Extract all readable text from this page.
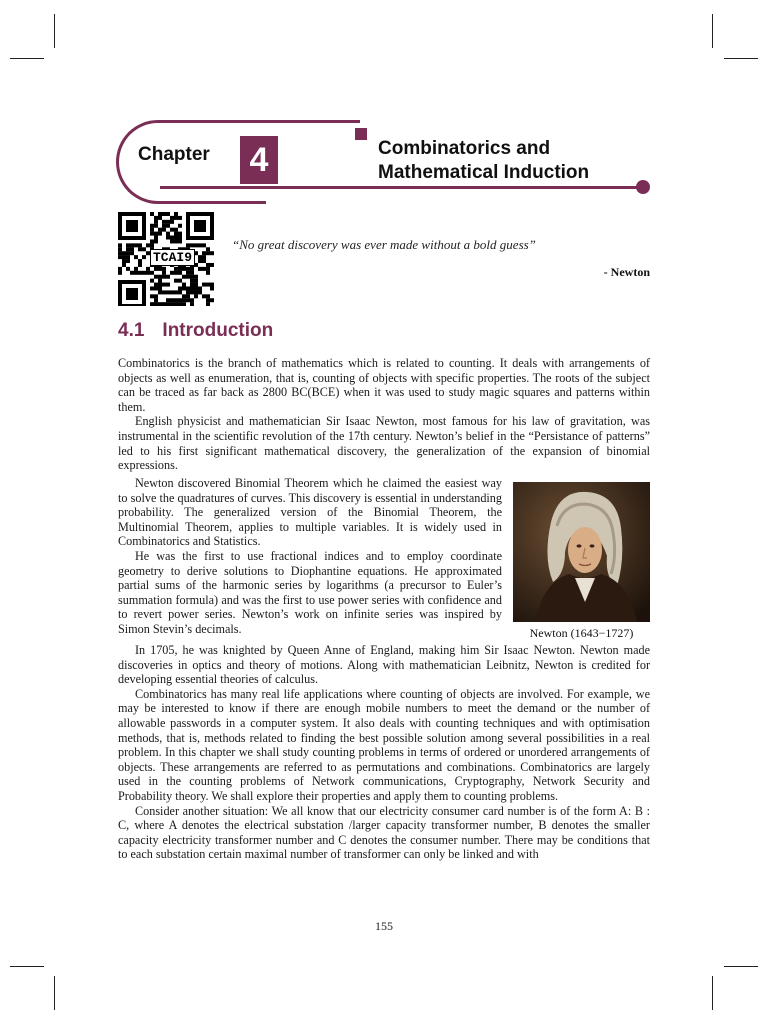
Chapter 4	Combinatorics and
Mathematical Induction
TCAI9
“No great discovery was ever made without a bold guess”
- Newton
4.1 Introduction

Combinatorics is the branch of mathematics which is related to counting. It deals with arrangements of objects as well as enumeration, that is, counting of objects with specific properties. The roots of the subject can be traced as far back as 2800 BC(BCE) when it was used to study magic squares and patterns within them.

English physicist and mathematician Sir Isaac Newton, most famous for his law of gravitation, was instrumental in the scientific revolution of the 17th century. Newton’s belief in the “Persistance of patterns” led to his first significant mathematical discovery, the generalization of the expansion of binomial expressions.

Newton discovered Binomial Theorem which he claimed the easiest way to solve the quadratures of curves. This discovery is essential in understanding probability. The generalized version of the Binomial Theorem, the Multinomial Theorem, applies to multiple variables. It is widely used in Combinatorics and Statistics.

He was the first to use fractional indices and to employ coordinate geometry to derive solutions to Diophantine equations. He approximated partial sums of the harmonic series by logarithms (a precursor to Euler’s summation formula) and was the first to use power series with confidence and to revert power series. Newton’s work on infinite series was inspired by Simon Stevin’s decimals.	Newton (1643−1727)

In 1705, he was knighted by Queen Anne of England, making him Sir Isaac Newton. Newton made discoveries in optics and theory of motions. Along with mathematician Leibnitz, Newton is credited for developing essential theories of calculus.

Combinatorics has many real life applications where counting of objects are involved. For example, we may be interested to know if there are enough mobile numbers to meet the demand or the number of allowable passwords in a computer system. It also deals with counting techniques and with optimisation methods, that is, methods related to finding the best possible solution among several possibilities in a real problem. In this chapter we shall study counting problems in terms of ordered or unordered arrangements of objects. These arrangements are referred to as permutations and combinations. Combinatorics are largely used in the counting problems of Network communications, Cryptography, Network Security and Probability theory. We shall explore their properties and apply them to counting problems.

Consider another situation: We all know that our electricity consumer card number is of the form A: B : C, where A denotes the electrical substation /larger capacity transformer number, B denotes the smaller capacity electricity transformer number and C denotes the consumer number. There may be conditions that to each substation certain maximal number of transformer can only be linked and with

155
